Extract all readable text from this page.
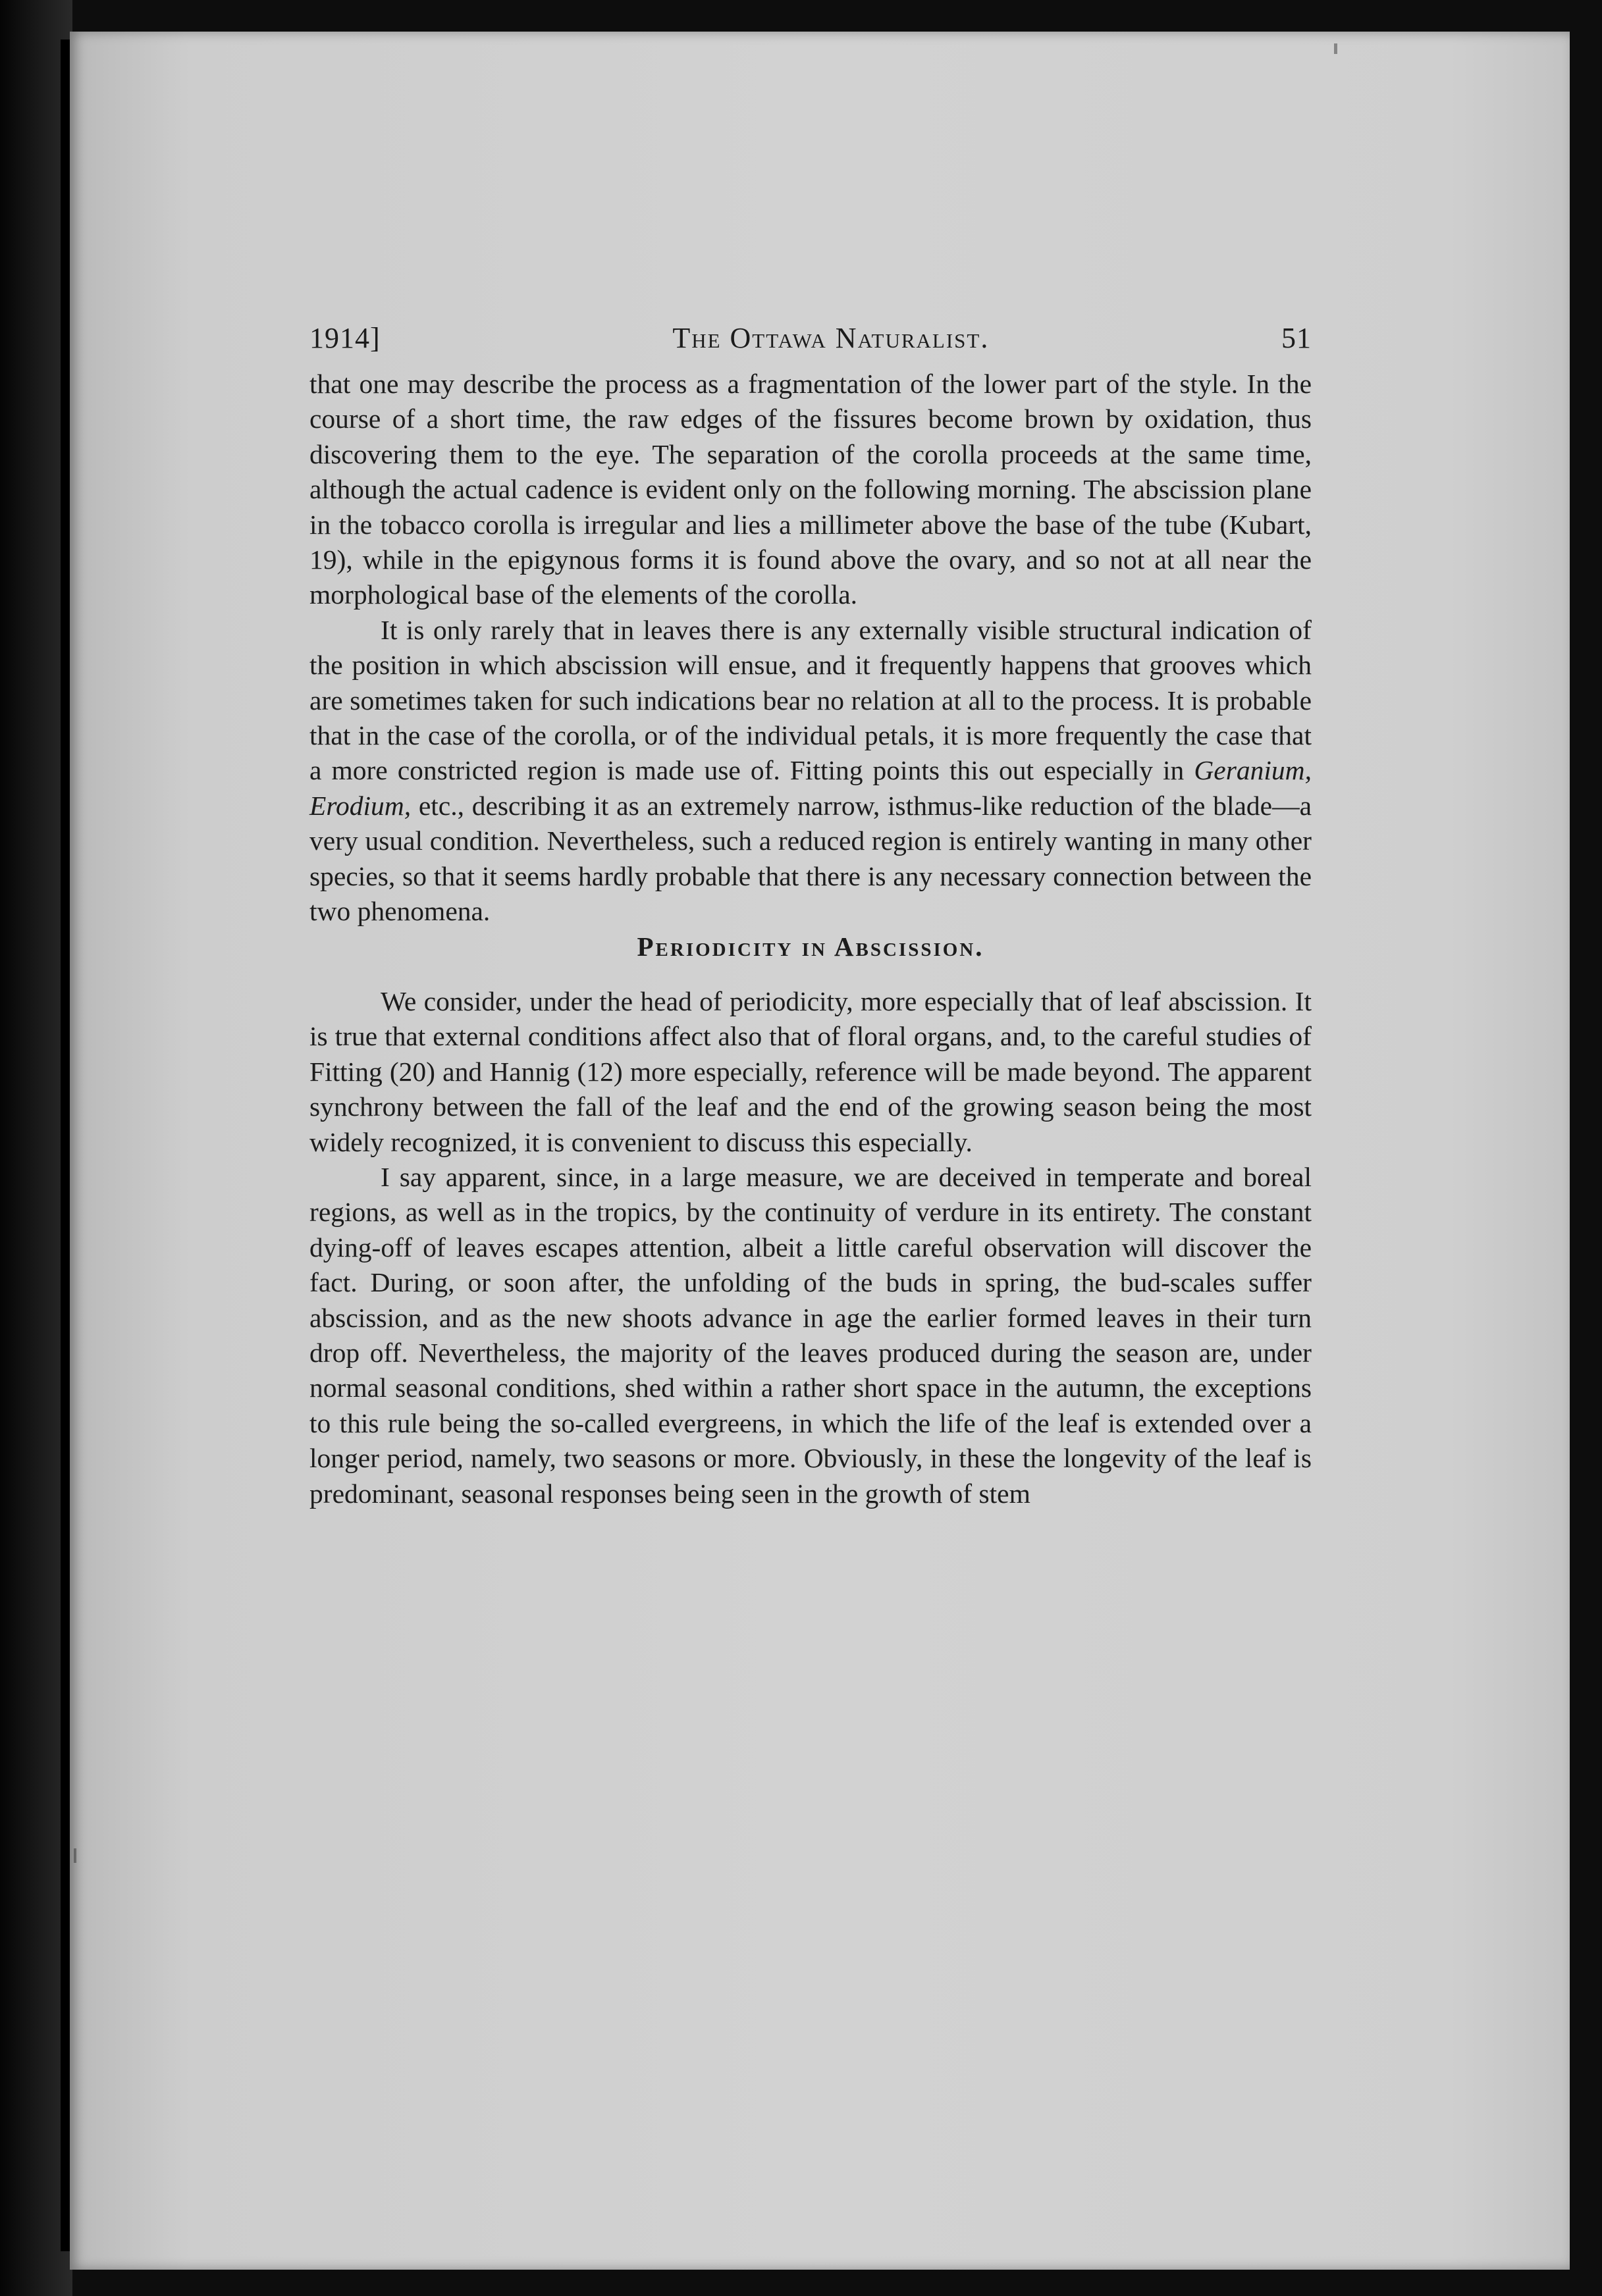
1914]	The Ottawa Naturalist.	51

that one may describe the process as a fragmentation of the lower part of the style. In the course of a short time, the raw edges of the fissures become brown by oxidation, thus discovering them to the eye. The separation of the corolla proceeds at the same time, although the actual cadence is evident only on the following morning. The abscission plane in the tobacco corolla is irregular and lies a millimeter above the base of the tube (Kubart, 19), while in the epigynous forms it is found above the ovary, and so not at all near the morphological base of the elements of the corolla.

It is only rarely that in leaves there is any externally visible structural indication of the position in which abscission will ensue, and it frequently happens that grooves which are sometimes taken for such indications bear no relation at all to the process. It is probable that in the case of the corolla, or of the individual petals, it is more frequently the case that a more constricted region is made use of. Fitting points this out especially in Geranium, Erodium, etc., describing it as an extremely narrow, isthmus-like reduction of the blade—a very usual condition. Nevertheless, such a reduced region is entirely wanting in many other species, so that it seems hardly probable that there is any necessary connection between the two phenomena.

Periodicity in Abscission.

We consider, under the head of periodicity, more especially that of leaf abscission. It is true that external conditions affect also that of floral organs, and, to the careful studies of Fitting (20) and Hannig (12) more especially, reference will be made beyond. The apparent synchrony between the fall of the leaf and the end of the growing season being the most widely recognized, it is convenient to discuss this especially.

I say apparent, since, in a large measure, we are deceived in temperate and boreal regions, as well as in the tropics, by the continuity of verdure in its entirety. The constant dying-off of leaves escapes attention, albeit a little careful observation will discover the fact. During, or soon after, the unfolding of the buds in spring, the bud-scales suffer abscission, and as the new shoots advance in age the earlier formed leaves in their turn drop off. Nevertheless, the majority of the leaves produced during the season are, under normal seasonal conditions, shed within a rather short space in the autumn, the exceptions to this rule being the so-called evergreens, in which the life of the leaf is extended over a longer period, namely, two seasons or more. Obviously, in these the longevity of the leaf is predominant, seasonal responses being seen in the growth of stem
